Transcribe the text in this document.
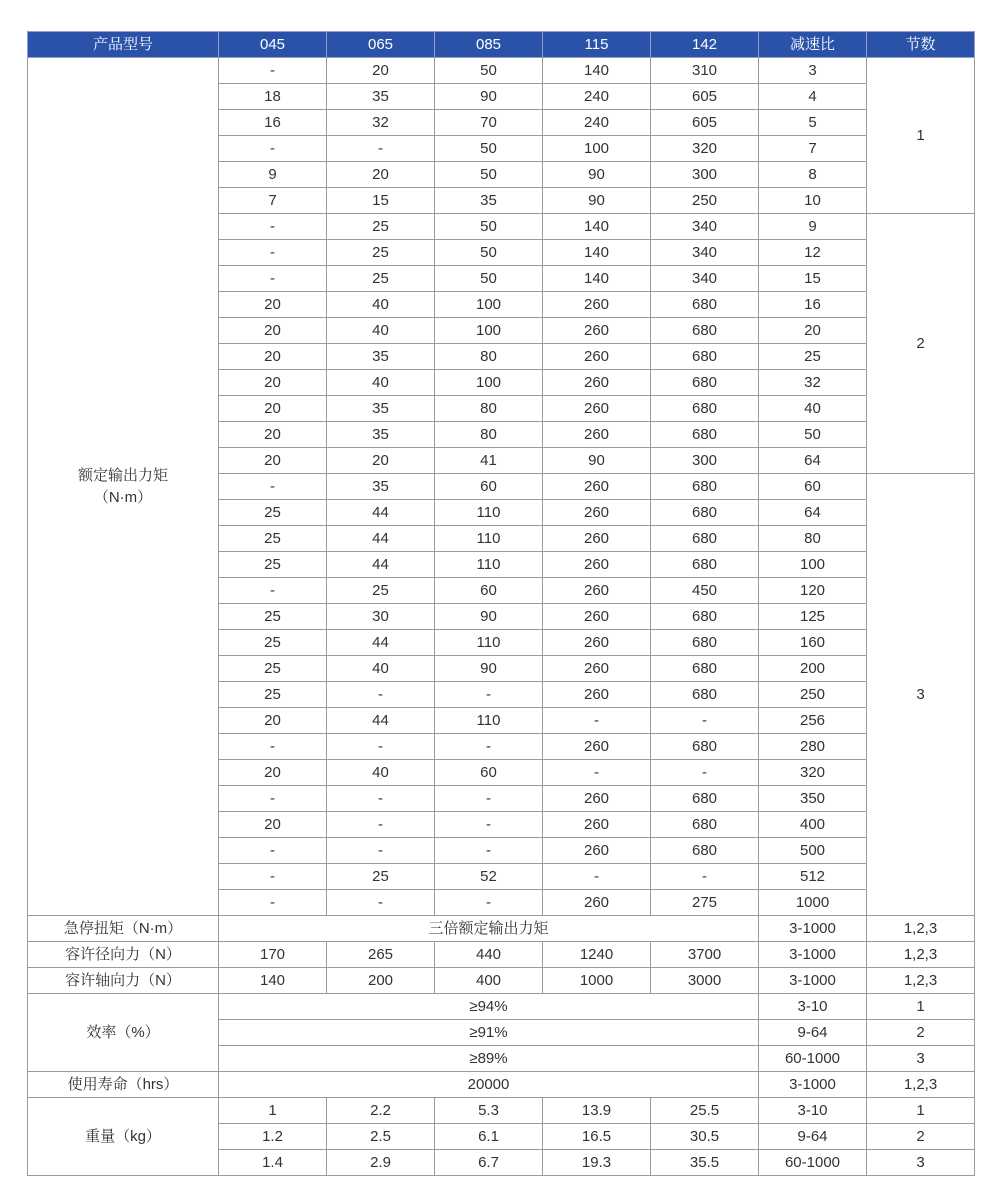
产品型号	045	065	085	115	142	减速比	节数
额定输出力矩
（N·m）	-	20	50	140	310	3	1
	18	35	90	240	605	4	
	16	32	70	240	605	5	
	-	-	50	100	320	7	
	9	20	50	90	300	8	
	7	15	35	90	250	10	
	-	25	50	140	340	9	2
	-	25	50	140	340	12	
	-	25	50	140	340	15	
	20	40	100	260	680	16	
	20	40	100	260	680	20	
	20	35	80	260	680	25	
	20	40	100	260	680	32	
	20	35	80	260	680	40	
	20	35	80	260	680	50	
	20	20	41	90	300	64	
	-	35	60	260	680	60	3
	25	44	110	260	680	64	
	25	44	110	260	680	80	
	25	44	110	260	680	100	
	-	25	60	260	450	120	
	25	30	90	260	680	125	
	25	44	110	260	680	160	
	25	40	90	260	680	200	
	25	-	-	260	680	250	
	20	44	110	-	-	256	
	-	-	-	260	680	280	
	20	40	60	-	-	320	
	-	-	-	260	680	350	
	20	-	-	260	680	400	
	-	-	-	260	680	500	
	-	25	52	-	-	512	
	-	-	-	260	275	1000	
急停扭矩（N·m）	三倍额定输出力矩					3-1000	1,2,3
容许径向力（N）	170	265	440	1240	3700	3-1000	1,2,3
容许轴向力（N）	140	200	400	1000	3000	3-1000	1,2,3
效率（%）	≥94%					3-10	1
	≥91%					9-64	2
	≥89%					60-1000	3
使用寿命（hrs）	20000					3-1000	1,2,3
重量（kg）	1	2.2	5.3	13.9	25.5	3-10	1
	1.2	2.5	6.1	16.5	30.5	9-64	2
	1.4	2.9	6.7	19.3	35.5	60-1000	3
